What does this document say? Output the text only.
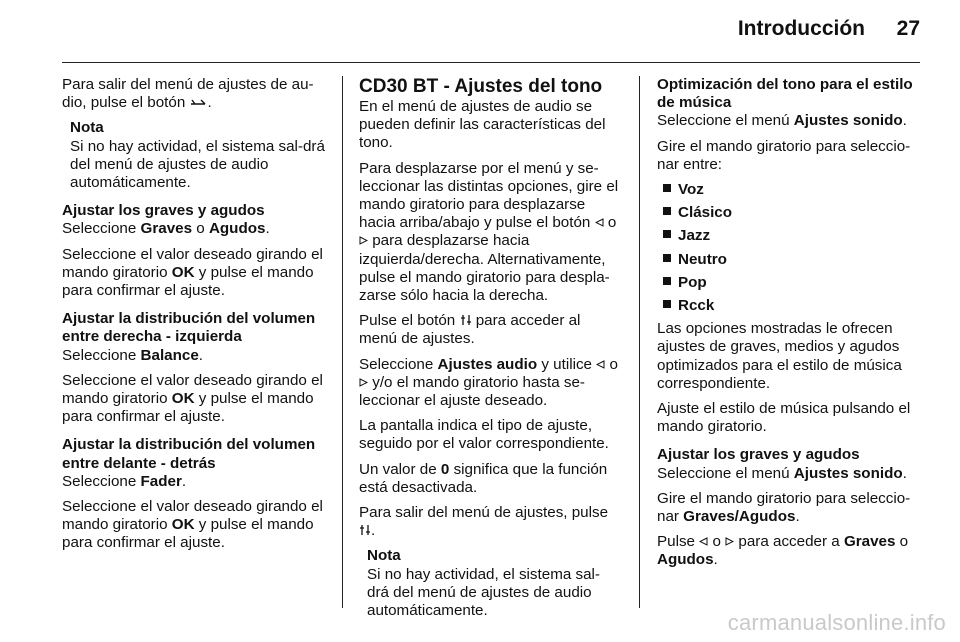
Introducción 27

Para salir del menú de ajustes de au-dio, pulse el botón .

Nota
Si no hay actividad, el sistema sal-drá del menú de ajustes de audio automáticamente.

Ajustar los graves y agudos

Seleccione Graves o Agudos.

Seleccione el valor deseado girando el mando giratorio OK y pulse el mando para confirmar el ajuste.

Ajustar la distribución del volumen entre derecha - izquierda

Seleccione Balance.

Seleccione el valor deseado girando el mando giratorio OK y pulse el mando para confirmar el ajuste.

Ajustar la distribución del volumen entre delante - detrás

Seleccione Fader.

Seleccione el valor deseado girando el mando giratorio OK y pulse el mando para confirmar el ajuste.

CD30 BT - Ajustes del tono

En el menú de ajustes de audio se pueden definir las características del tono.

Para desplazarse por el menú y se-leccionar las distintas opciones, gire el mando giratorio para desplazarse hacia arriba/abajo y pulse el botón o  para desplazarse hacia izquierda/derecha. Alternativamente, pulse el mando giratorio para despla-zarse sólo hacia la derecha.

Pulse el botón para acceder al menú de ajustes.

Seleccione Ajustes audio y utilice o  y/o el mando giratorio hasta se-leccionar el ajuste deseado.

La pantalla indica el tipo de ajuste, seguido por el valor correspondiente.

Un valor de 0 significa que la función está desactivada.

Para salir del menú de ajustes, pulse .

Nota
Si no hay actividad, el sistema sal-drá del menú de ajustes de audio automáticamente.

Optimización del tono para el estilo de música

Seleccione el menú Ajustes sonido.

Gire el mando giratorio para seleccio-nar entre:

Voz
Clásico
Jazz
Neutro
Pop
Rcck

Las opciones mostradas le ofrecen ajustes de graves, medios y agudos optimizados para el estilo de música correspondiente.

Ajuste el estilo de música pulsando el mando giratorio.

Ajustar los graves y agudos

Seleccione el menú Ajustes sonido.

Gire el mando giratorio para seleccio-nar Graves/Agudos.

Pulse o para acceder a Graves o Agudos.

carmanualsonline.info
